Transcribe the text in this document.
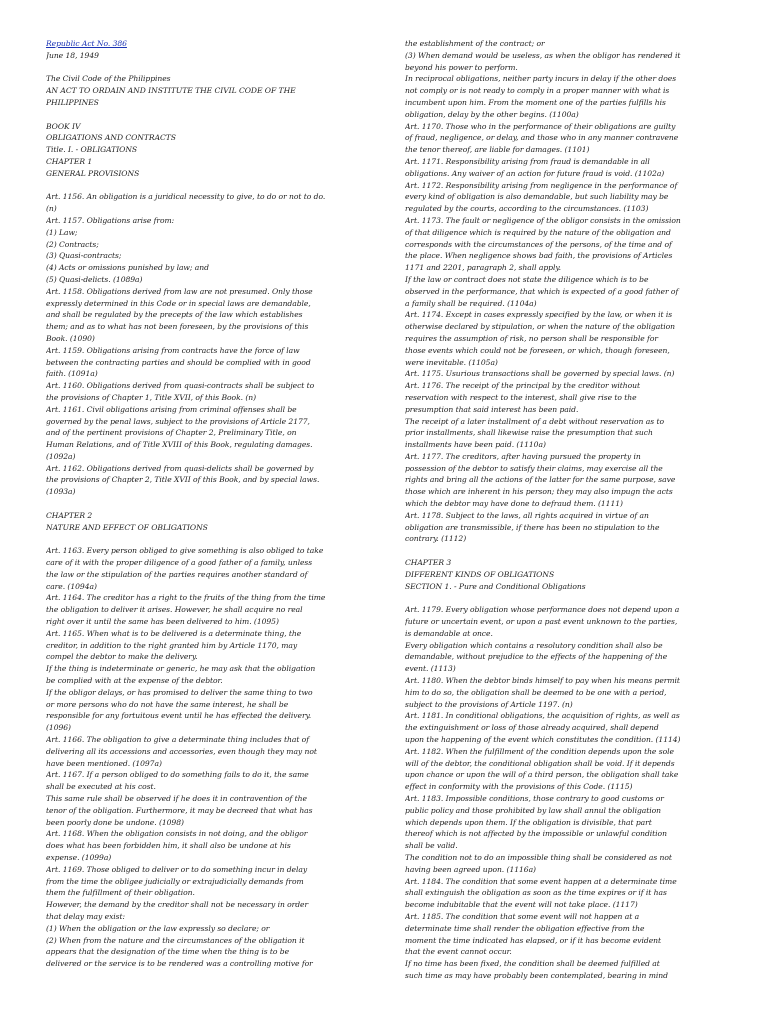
Republic Act No. 386
June 18, 1949
The Civil Code of the Philippines
AN ACT TO ORDAIN AND INSTITUTE THE CIVIL CODE OF THE
PHILIPPINES
BOOK IV
OBLIGATIONS AND CONTRACTS
Title. I. - OBLIGATIONS
CHAPTER 1
GENERAL PROVISIONS
Art. 1156. An obligation is a juridical necessity to give, to do or not to do.
(n)
Art. 1157. Obligations arise from:
(1) Law;
(2) Contracts;
(3) Quasi-contracts;
(4) Acts or omissions punished by law; and
(5) Quasi-delicts. (1089a)
Art. 1158. Obligations derived from law are not presumed. Only those
expressly determined in this Code or in special laws are demandable,
and shall be regulated by the precepts of the law which establishes
them; and as to what has not been foreseen, by the provisions of this
Book. (1090)
Art. 1159. Obligations arising from contracts have the force of law
between the contracting parties and should be complied with in good
faith. (1091a)
Art. 1160. Obligations derived from quasi-contracts shall be subject to
the provisions of Chapter 1, Title XVII, of this Book. (n)
Art. 1161. Civil obligations arising from criminal offenses shall be
governed by the penal laws, subject to the provisions of Article 2177,
and of the pertinent provisions of Chapter 2, Preliminary Title, on
Human Relations, and of Title XVIII of this Book, regulating damages.
(1092a)
Art. 1162. Obligations derived from quasi-delicts shall be governed by
the provisions of Chapter 2, Title XVII of this Book, and by special laws.
(1093a)
CHAPTER 2
NATURE AND EFFECT OF OBLIGATIONS
Art. 1163. Every person obliged to give something is also obliged to take
care of it with the proper diligence of a good father of a family, unless
the law or the stipulation of the parties requires another standard of
care. (1094a)
Art. 1164. The creditor has a right to the fruits of the thing from the time
the obligation to deliver it arises. However, he shall acquire no real
right over it until the same has been delivered to him. (1095)
Art. 1165. When what is to be delivered is a determinate thing, the
creditor, in addition to the right granted him by Article 1170, may
compel the debtor to make the delivery.
If the thing is indeterminate or generic, he may ask that the obligation
be complied with at the expense of the debtor.
If the obligor delays, or has promised to deliver the same thing to two
or more persons who do not have the same interest, he shall be
responsible for any fortuitous event until he has effected the delivery.
(1096)
Art. 1166. The obligation to give a determinate thing includes that of
delivering all its accessions and accessories, even though they may not
have been mentioned. (1097a)
Art. 1167. If a person obliged to do something fails to do it, the same
shall be executed at his cost.
This same rule shall be observed if he does it in contravention of the
tenor of the obligation. Furthermore, it may be decreed that what has
been poorly done be undone. (1098)
Art. 1168. When the obligation consists in not doing, and the obligor
does what has been forbidden him, it shall also be undone at his
expense. (1099a)
Art. 1169. Those obliged to deliver or to do something incur in delay
from the time the obligee judicially or extrajudicially demands from
them the fulfillment of their obligation.
However, the demand by the creditor shall not be necessary in order
that delay may exist:
(1) When the obligation or the law expressly so declare; or
(2) When from the nature and the circumstances of the obligation it
appears that the designation of the time when the thing is to be
delivered or the service is to be rendered was a controlling motive for
the establishment of the contract; or
(3) When demand would be useless, as when the obligor has rendered it
beyond his power to perform.
In reciprocal obligations, neither party incurs in delay if the other does
not comply or is not ready to comply in a proper manner with what is
incumbent upon him. From the moment one of the parties fulfills his
obligation, delay by the other begins. (1100a)
Art. 1170. Those who in the performance of their obligations are guilty
of fraud, negligence, or delay, and those who in any manner contravene
the tenor thereof, are liable for damages. (1101)
Art. 1171. Responsibility arising from fraud is demandable in all
obligations. Any waiver of an action for future fraud is void. (1102a)
Art. 1172. Responsibility arising from negligence in the performance of
every kind of obligation is also demandable, but such liability may be
regulated by the courts, according to the circumstances. (1103)
Art. 1173. The fault or negligence of the obligor consists in the omission
of that diligence which is required by the nature of the obligation and
corresponds with the circumstances of the persons, of the time and of
the place. When negligence shows bad faith, the provisions of Articles
1171 and 2201, paragraph 2, shall apply.
If the law or contract does not state the diligence which is to be
observed in the performance, that which is expected of a good father of
a family shall be required. (1104a)
Art. 1174. Except in cases expressly specified by the law, or when it is
otherwise declared by stipulation, or when the nature of the obligation
requires the assumption of risk, no person shall be responsible for
those events which could not be foreseen, or which, though foreseen,
were inevitable. (1105a)
Art. 1175. Usurious transactions shall be governed by special laws. (n)
Art. 1176. The receipt of the principal by the creditor without
reservation with respect to the interest, shall give rise to the
presumption that said interest has been paid.
The receipt of a later installment of a debt without reservation as to
prior installments, shall likewise raise the presumption that such
installments have been paid. (1110a)
Art. 1177. The creditors, after having pursued the property in
possession of the debtor to satisfy their claims, may exercise all the
rights and bring all the actions of the latter for the same purpose, save
those which are inherent in his person; they may also impugn the acts
which the debtor may have done to defraud them. (1111)
Art. 1178. Subject to the laws, all rights acquired in virtue of an
obligation are transmissible, if there has been no stipulation to the
contrary. (1112)
CHAPTER 3
DIFFERENT KINDS OF OBLIGATIONS
SECTION 1. - Pure and Conditional Obligations
Art. 1179. Every obligation whose performance does not depend upon a
future or uncertain event, or upon a past event unknown to the parties,
is demandable at once.
Every obligation which contains a resolutory condition shall also be
demandable, without prejudice to the effects of the happening of the
event. (1113)
Art. 1180. When the debtor binds himself to pay when his means permit
him to do so, the obligation shall be deemed to be one with a period,
subject to the provisions of Article 1197. (n)
Art. 1181. In conditional obligations, the acquisition of rights, as well as
the extinguishment or loss of those already acquired, shall depend
upon the happening of the event which constitutes the condition. (1114)
Art. 1182. When the fulfillment of the condition depends upon the sole
will of the debtor, the conditional obligation shall be void. If it depends
upon chance or upon the will of a third person, the obligation shall take
effect in conformity with the provisions of this Code. (1115)
Art. 1183. Impossible conditions, those contrary to good customs or
public policy and those prohibited by law shall annul the obligation
which depends upon them. If the obligation is divisible, that part
thereof which is not affected by the impossible or unlawful condition
shall be valid.
The condition not to do an impossible thing shall be considered as not
having been agreed upon. (1116a)
Art. 1184. The condition that some event happen at a determinate time
shall extinguish the obligation as soon as the time expires or if it has
become indubitable that the event will not take place. (1117)
Art. 1185. The condition that some event will not happen at a
determinate time shall render the obligation effective from the
moment the time indicated has elapsed, or if it has become evident
that the event cannot occur.
If no time has been fixed, the condition shall be deemed fulfilled at
such time as may have probably been contemplated, bearing in mind
